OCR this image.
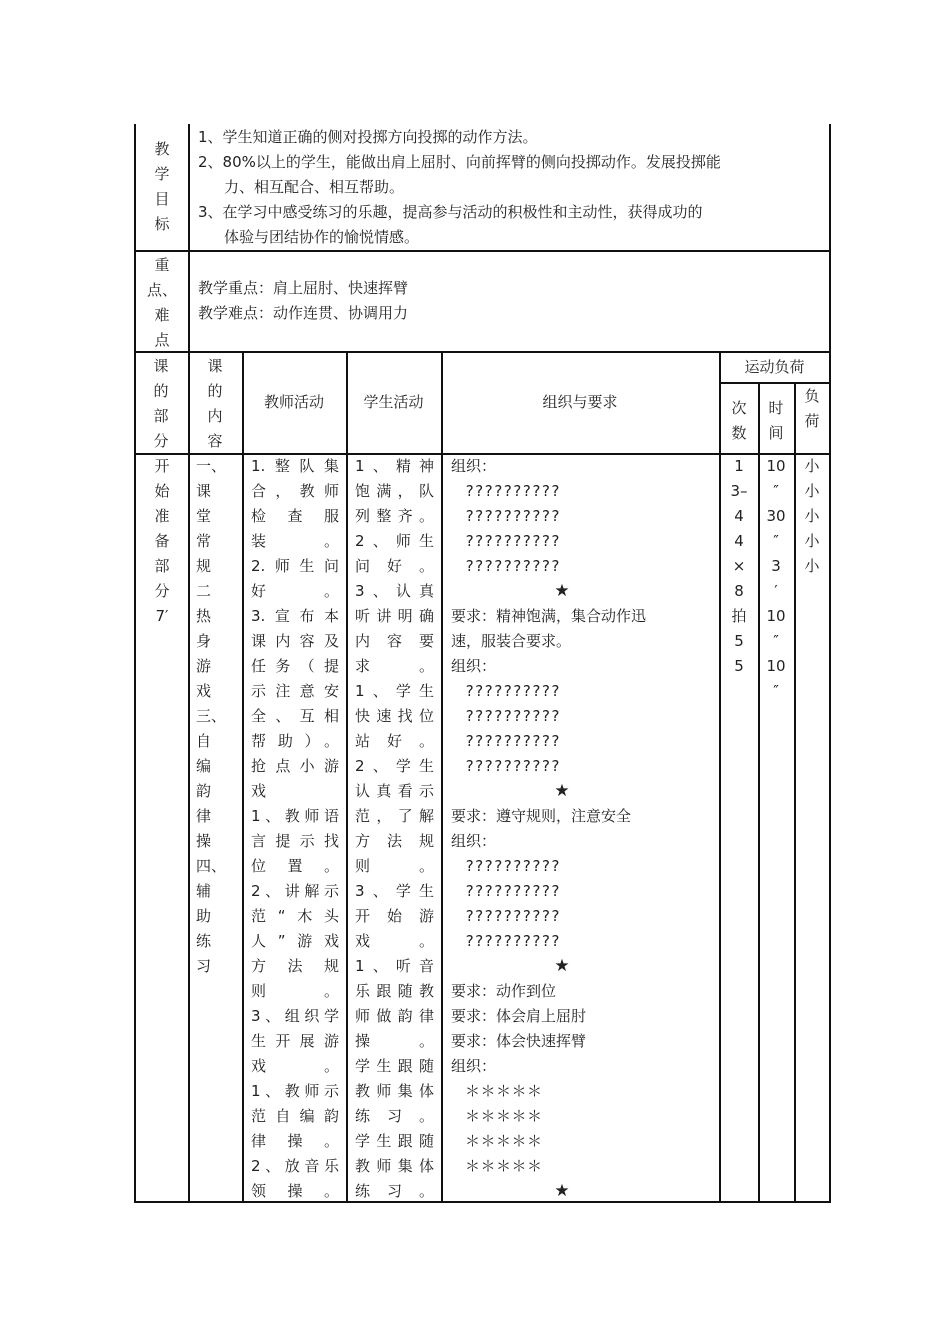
教
学
目
标
1、学生知道正确的侧对投掷方向投掷的动作方法。
2、80%以上的学生，能做出肩上屈肘、向前挥臂的侧向投掷动作。发展投掷能
力、相互配合、相互帮助。
3、在学习中感受练习的乐趣，提高参与活动的积极性和主动性，获得成功的
体验与团结协作的愉悦情感。
重
点、
难
点
教学重点：肩上屈肘、快速挥臂
教学难点：动作连贯、协调用力
课
的
部
分
课
的
内
容
教师活动	学生活动	组织与要求
运动负荷
次
数
时
间
负
荷
开
始
准
备
部
分
7′
一、
课
堂
常
规
二
热
身
游
戏
三、
自
编
韵
律
操
四、
辅
助
练
习
1.整队集
合，教师
检查服
装。
2.师生问
好。
3.宣布本
课内容及
任务（提
示注意安
全、互相
帮助）。
抢点小游
戏
1、教师语
言提示找
位置。
2、讲解示
范“木头
人”游戏
方法规
则。
3、组织学
生开展游
戏。
1、教师示
范自编韵
律操。
2、放音乐
领操。
1、精神
饱满，队
列整齐。
2、师生
问好。
3、认真
听讲明确
内容要
求。
1、学生
快速找位
站好。
2、学生
认真看示
范，了解
方法规
则。
3、学生
开始游
戏。
1、听音
乐跟随教
师做韵律
操。
学生跟随
教师集体
练习。
学生跟随
教师集体
练习。
组织：
??????????
??????????
??????????
??????????
★
要求：精神饱满，集合动作迅
速，服装合要求。
组织：
??????????
??????????
??????????
??????????
★
要求：遵守规则，注意安全
组织：
??????????
??????????
??????????
??????????
★
要求：动作到位
要求：体会肩上屈肘
要求：体会快速挥臂
组织：
＊＊＊＊＊
＊＊＊＊＊
＊＊＊＊＊
＊＊＊＊＊
★
1
3–
4
4
×
8
拍
5
5
10
″
30
″
3
′
10
″
10
″
小
小
小
小
小
